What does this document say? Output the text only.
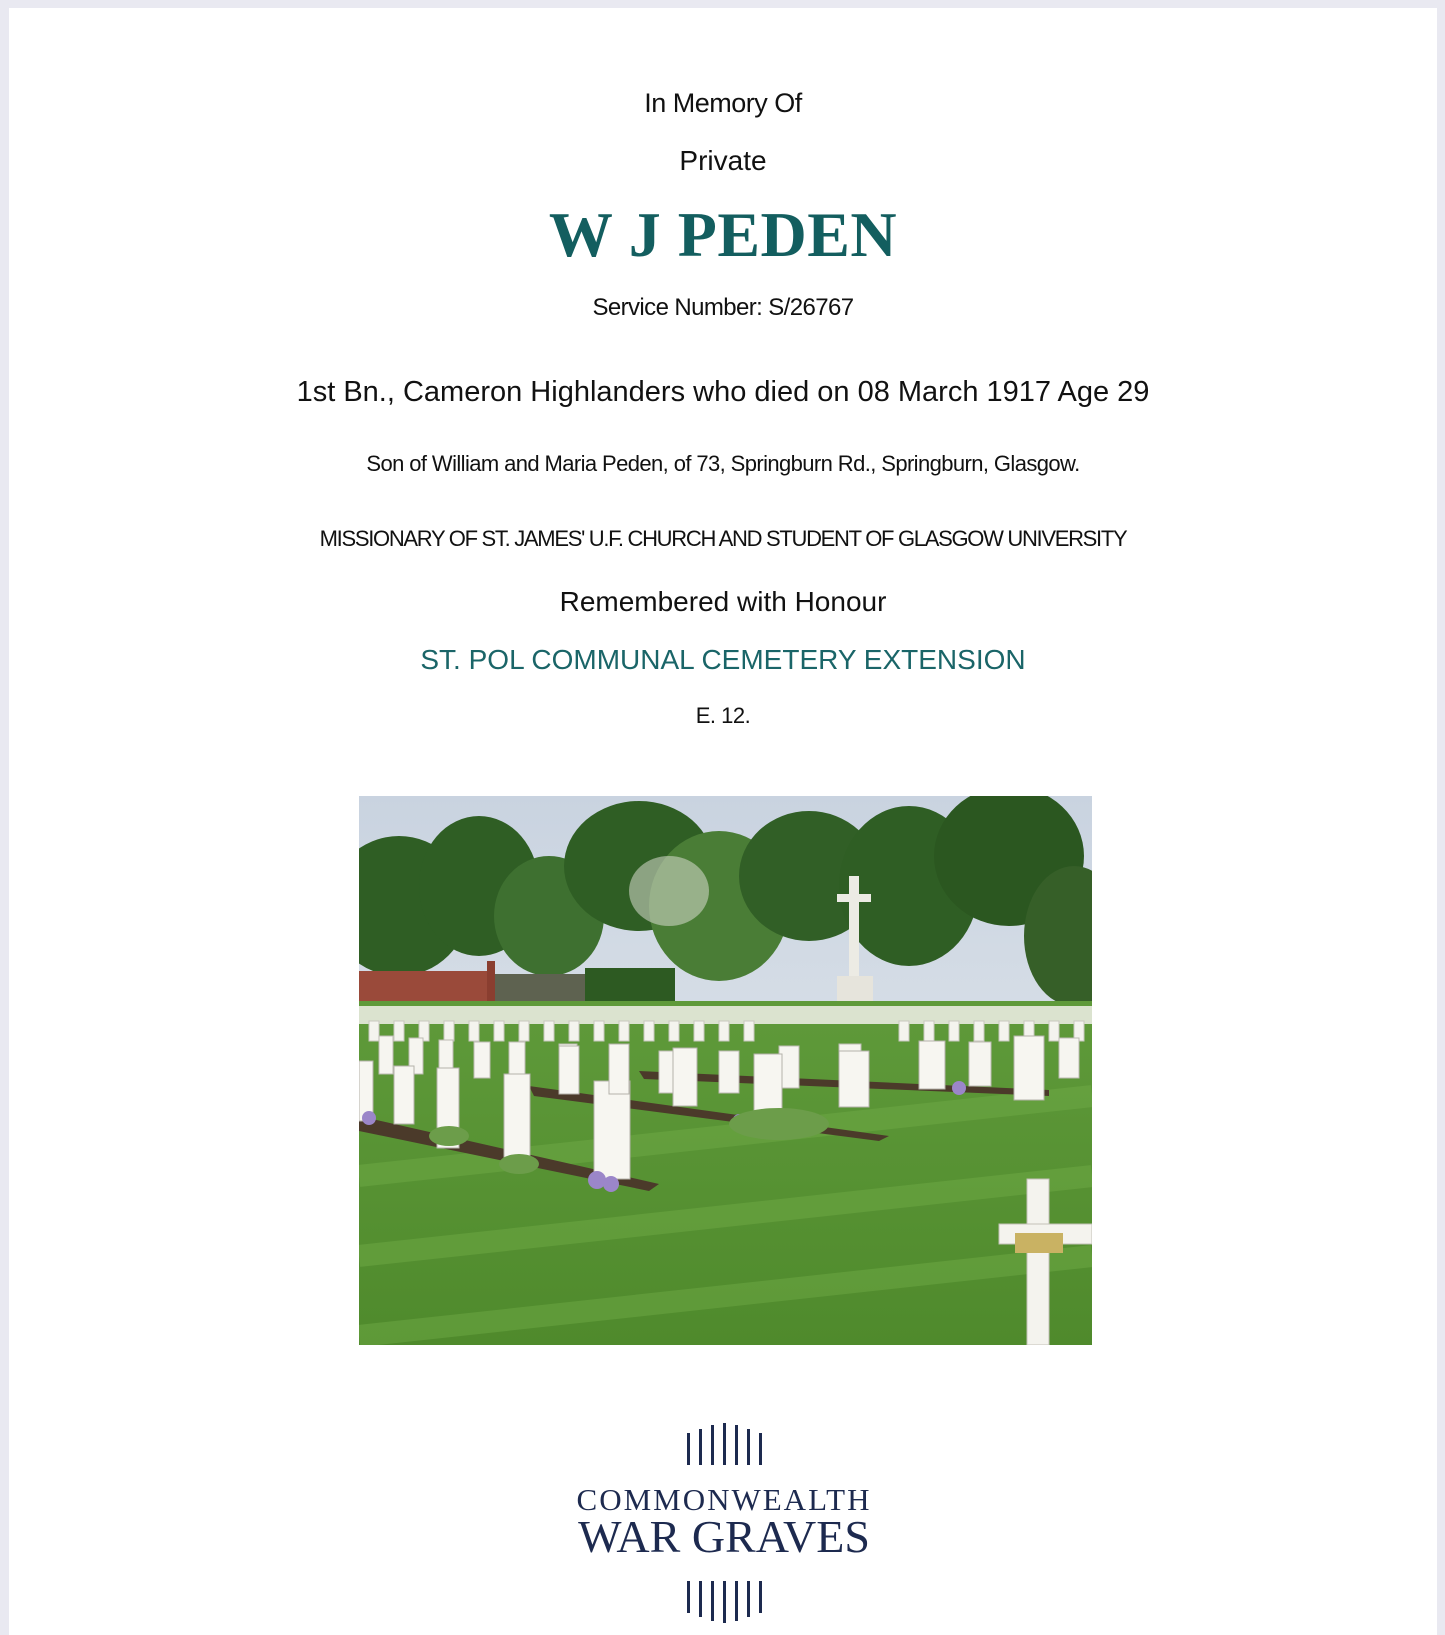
In Memory Of
Private
W J PEDEN
Service Number: S/26767
1st Bn., Cameron Highlanders who died on 08 March 1917 Age 29
Son of William and Maria Peden, of 73, Springburn Rd., Springburn, Glasgow.
MISSIONARY OF ST. JAMES' U.F. CHURCH AND STUDENT OF GLASGOW UNIVERSITY
Remembered with Honour
ST. POL COMMUNAL CEMETERY EXTENSION
E. 12.
COMMONWEALTH
WAR GRAVES
